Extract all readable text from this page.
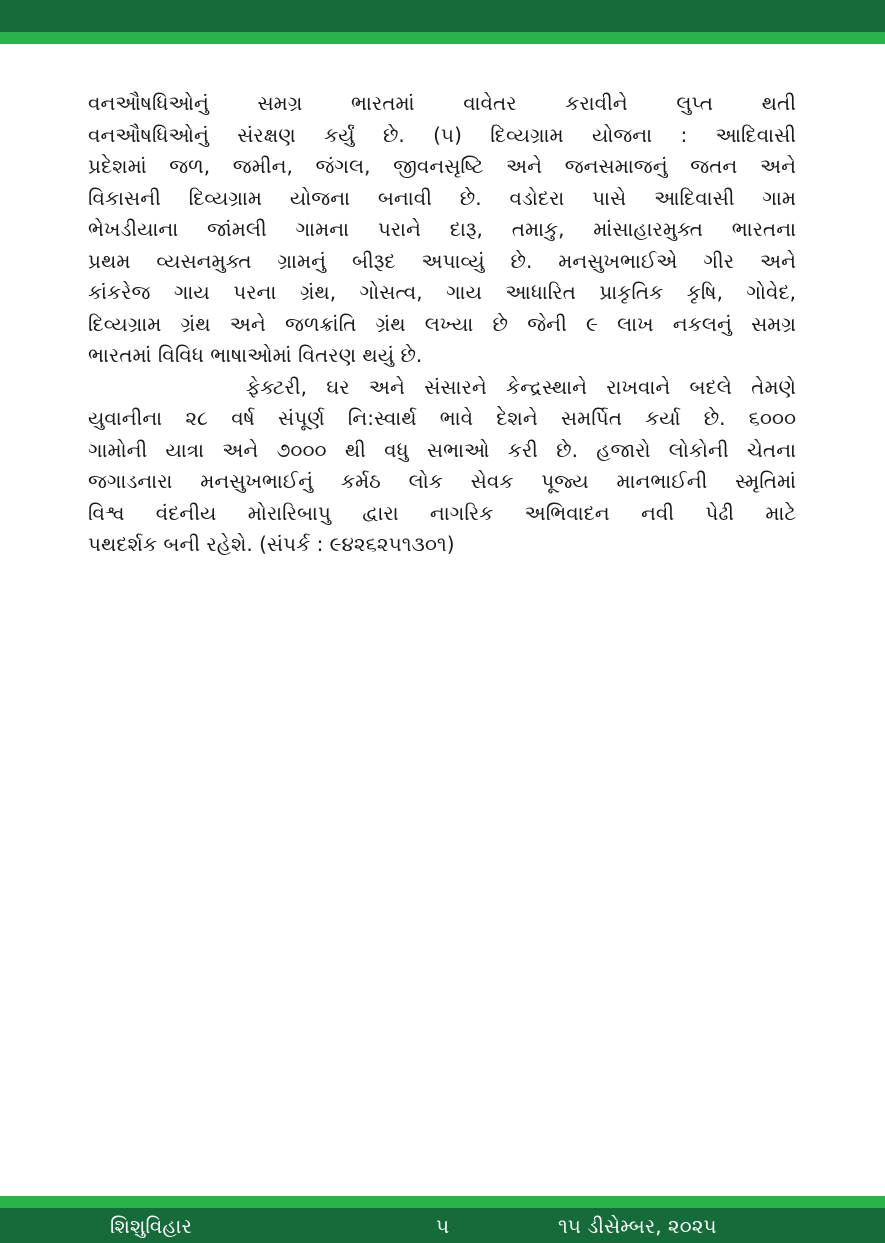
વનઔષધિઓનું સમગ્ર ભારતમાં વાવેતર કરાવીને લુપ્ત થતી
વનઔષધિઓનું સંરક્ષણ કર્યું છે. (૫) દિવ્યગ્રામ યોજના : આદિવાસી
પ્રદેશમાં જળ, જમીન, જંગલ, જીવનસૃષ્ટિ અને જનસમાજનું જતન અને
વિકાસની દિવ્યગ્રામ યોજના બનાવી છે. વડોદરા પાસે આદિવાસી ગામ
ભેખડીયાના જાંમલી ગામના પરાને દારૂ, તમાકુ, માંસાહારમુક્ત ભારતના
પ્રથમ વ્યસનમુક્ત ગ્રામનું બીરૂદ અપાવ્યું છે. મનસુખભાઈએ ગીર અને
કાંકરેજ ગાય પરના ગ્રંથ, ગોસત્વ, ગાય આધારિત પ્રાકૃતિક કૃષિ, ગોવેદ,
દિવ્યગ્રામ ગ્રંથ અને જળક્રાંતિ ગ્રંથ લખ્યા છે જેની ૯ લાખ નકલનું સમગ્ર
ભારતમાં વિવિધ ભાષાઓમાં વિતરણ થયું છે.

ફેક્ટરી, ઘર અને સંસારને કેન્દ્રસ્થાને રાખવાને બદલે તેમણે
યુવાનીના ૨૮ વર્ષ સંપૂર્ણ નિ:સ્વાર્થ ભાવે દેશને સમર્પિત કર્યા છે. ૬૦૦૦
ગામોની યાત્રા અને ૭૦૦૦ થી વધુ સભાઓ કરી છે. હજારો લોકોની ચેતના
જગાડનારા મનસુખભાઈનું કર્મઠ લોક સેવક પૂજ્ય માનભાઈની સ્મૃતિમાં
વિશ્વ વંદનીય મોરારિબાપુ દ્વારા નાગરિક અભિવાદન નવી પેઢી માટે
પથદર્શક બની રહેશે. (સંપર્ક : ૯૪૨૬૨૫૧૩૦૧)

શિશુવિહાર	૫	૧૫ ડીસેમ્બર, ૨૦૨૫
